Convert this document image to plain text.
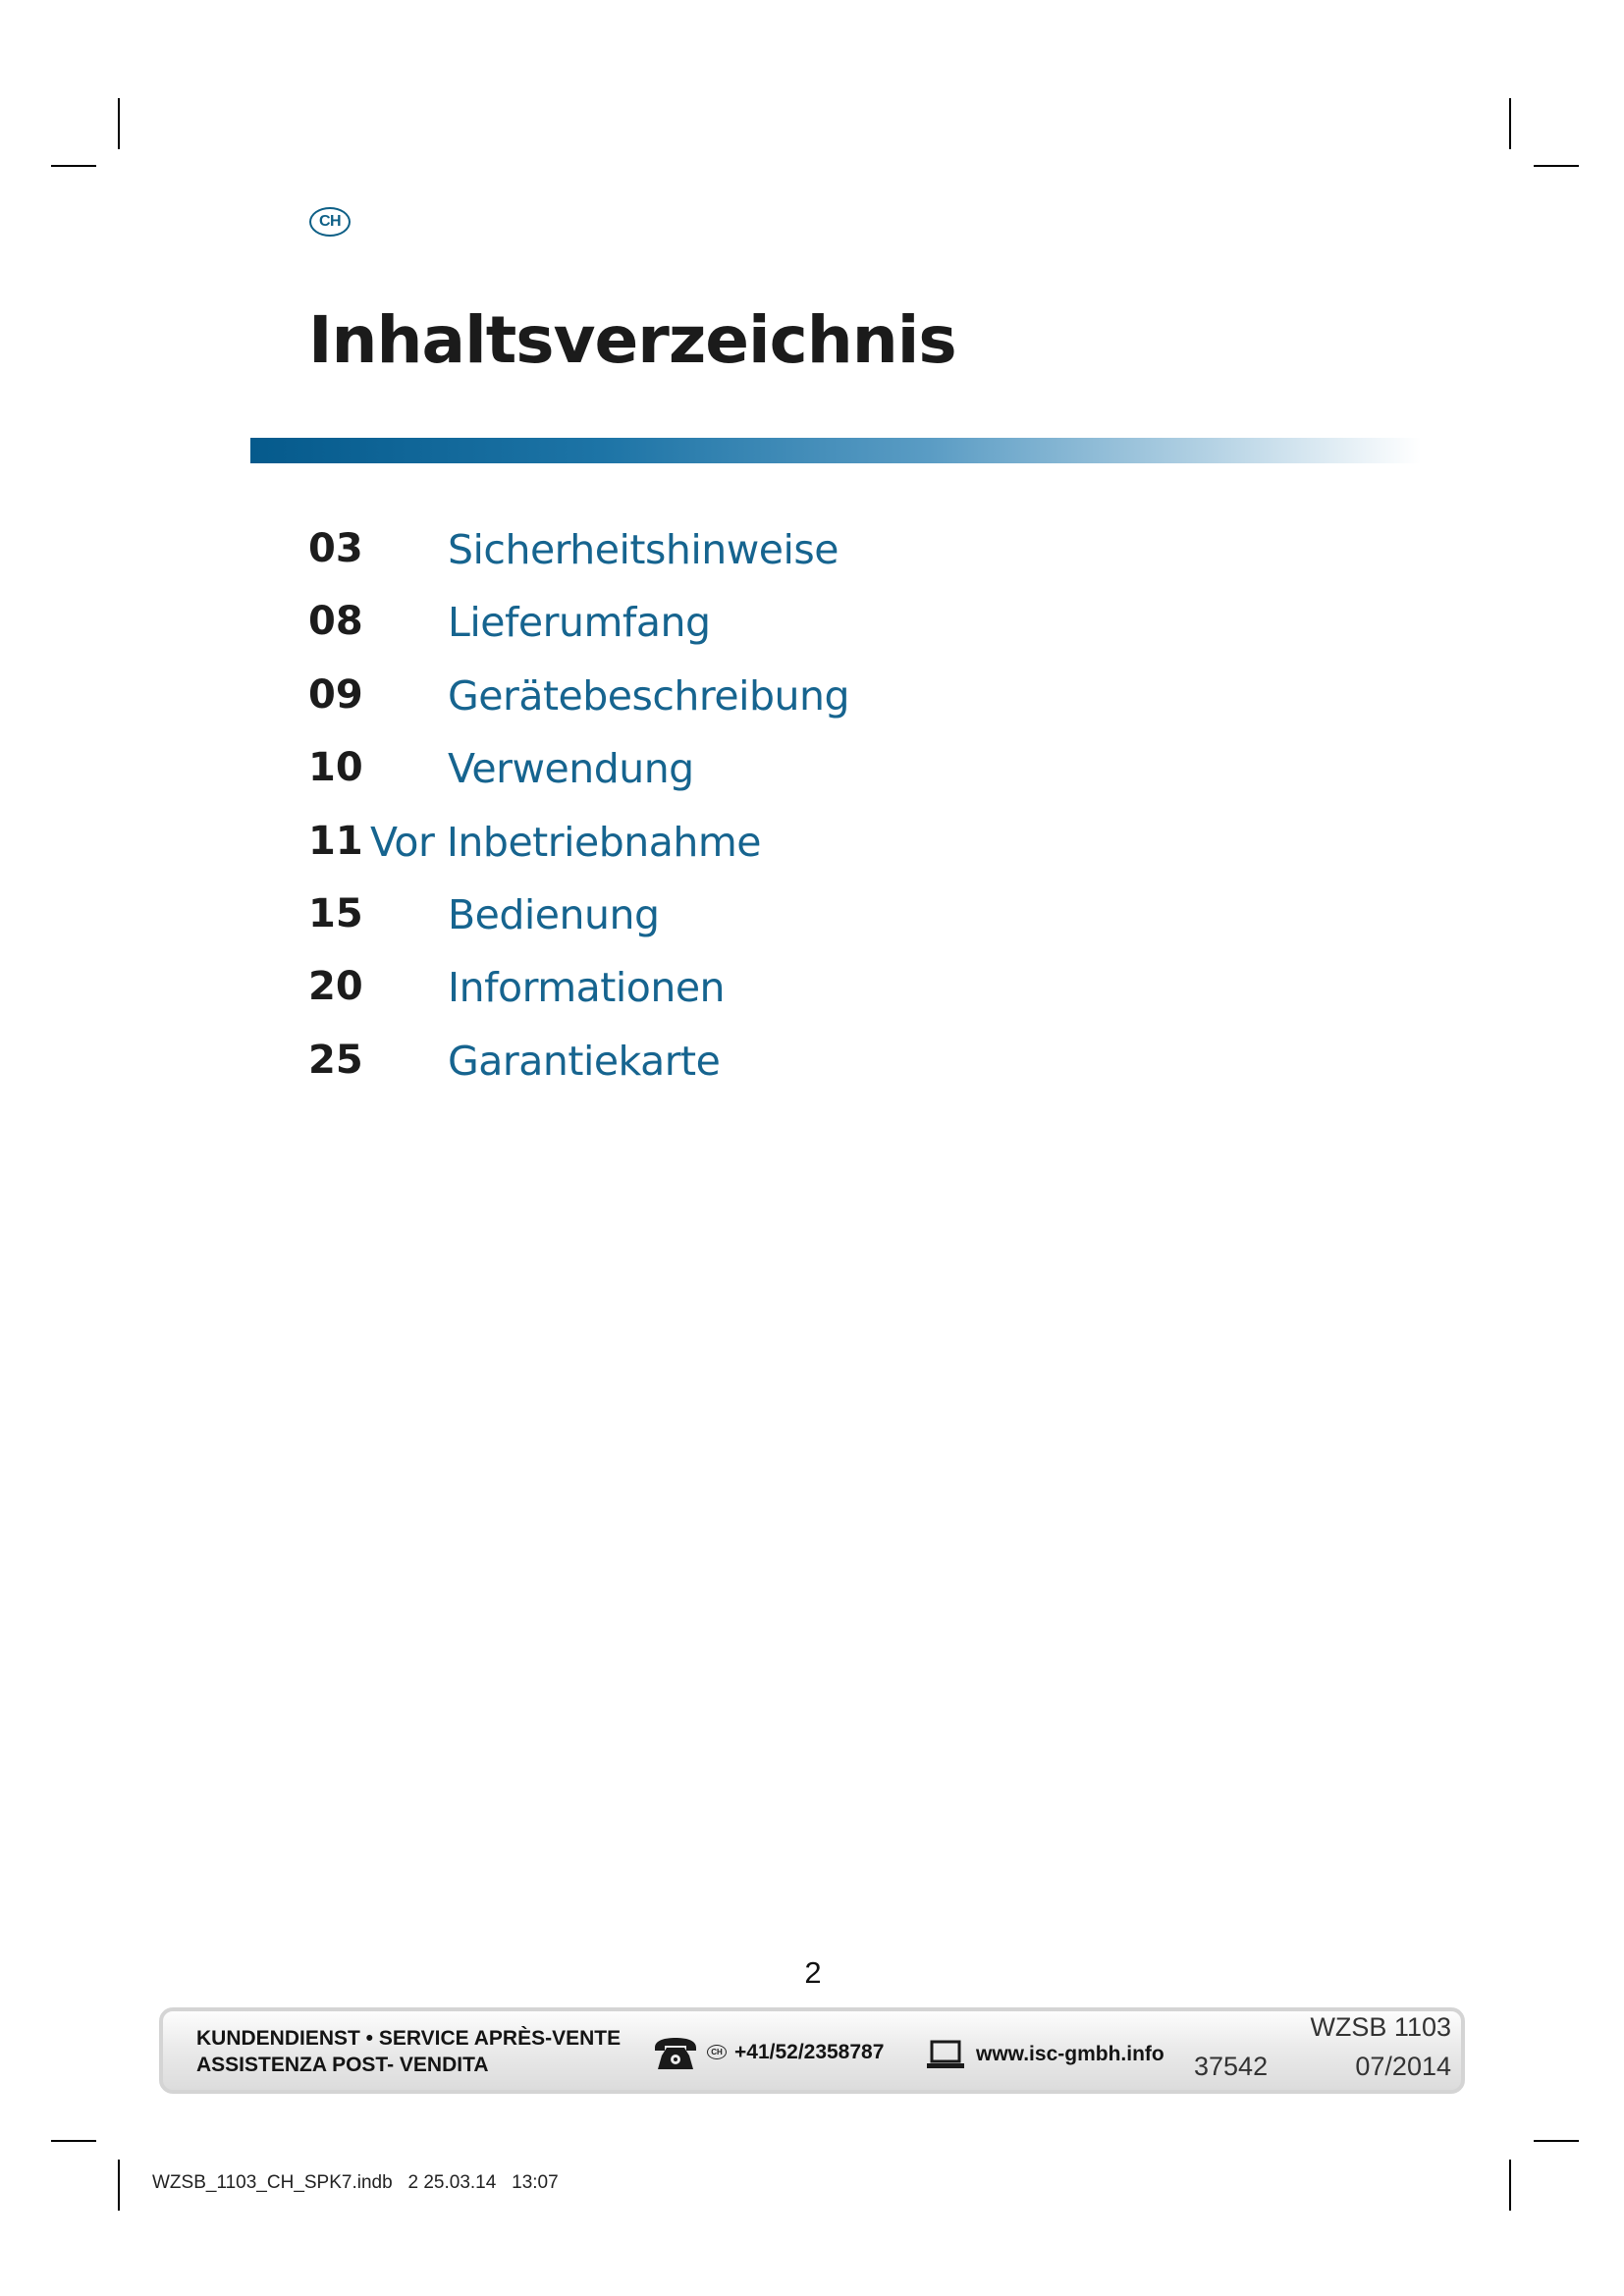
CH
Inhaltsverzeichnis
03 Sicherheitshinweise
08 Lieferumfang
09 Gerätebeschreibung
10 Verwendung
11 Vor Inbetriebnahme
15 Bedienung
20 Informationen
25 Garantiekarte
2
KUNDENDIENST • SERVICE APRÈS-VENTE
ASSISTENZA POST- VENDITA
CH +41/52/2358787	www.isc-gmbh.info
WZSB 1103
37542	07/2014
WZSB_1103_CH_SPK7.indb   2 25.03.14   13:07
